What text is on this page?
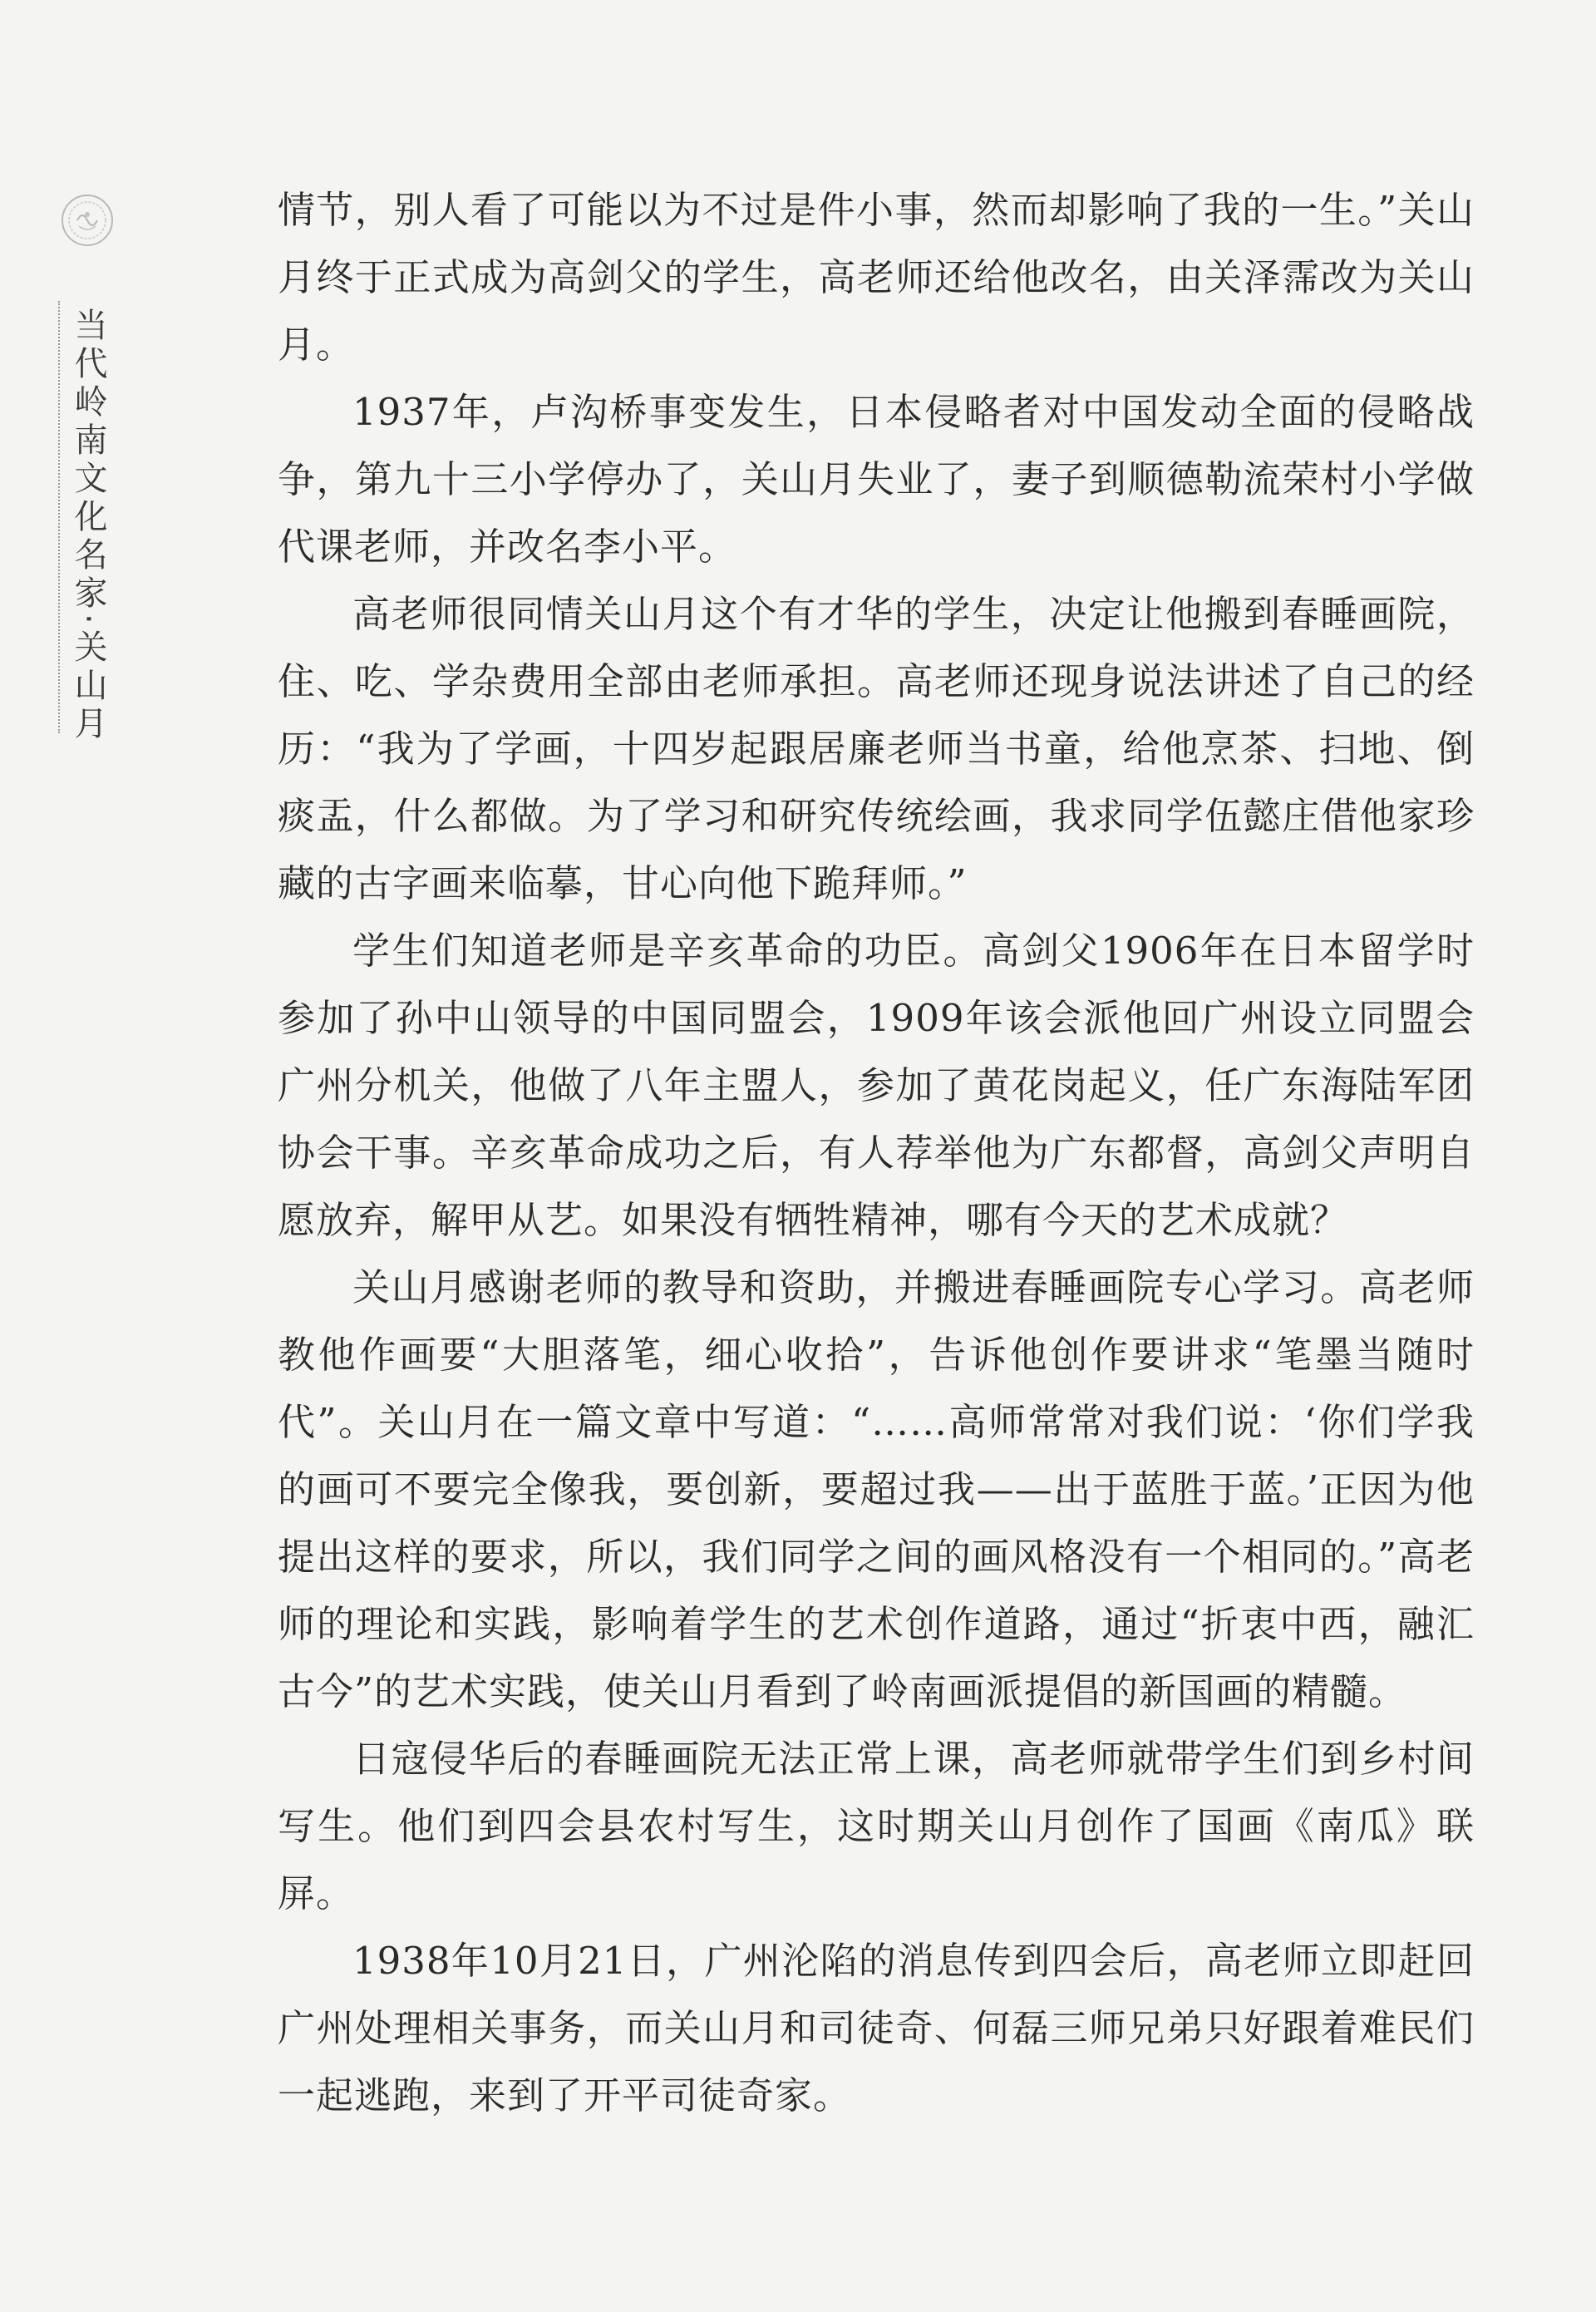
当代岭南文化名家·关山月

情节，别人看了可能以为不过是件小事，然而却影响了我的一生。”关山月终于正式成为高剑父的学生，高老师还给他改名，由关泽霈改为关山月。

1937年，卢沟桥事变发生，日本侵略者对中国发动全面的侵略战争，第九十三小学停办了，关山月失业了，妻子到顺德勒流荣村小学做代课老师，并改名李小平。

高老师很同情关山月这个有才华的学生，决定让他搬到春睡画院，住、吃、学杂费用全部由老师承担。高老师还现身说法讲述了自己的经历：“我为了学画，十四岁起跟居廉老师当书童，给他烹茶、扫地、倒痰盂，什么都做。为了学习和研究传统绘画，我求同学伍懿庄借他家珍藏的古字画来临摹，甘心向他下跪拜师。”

学生们知道老师是辛亥革命的功臣。高剑父1906年在日本留学时参加了孙中山领导的中国同盟会，1909年该会派他回广州设立同盟会广州分机关，他做了八年主盟人，参加了黄花岗起义，任广东海陆军团协会干事。辛亥革命成功之后，有人荐举他为广东都督，高剑父声明自愿放弃，解甲从艺。如果没有牺牲精神，哪有今天的艺术成就？

关山月感谢老师的教导和资助，并搬进春睡画院专心学习。高老师教他作画要“大胆落笔，细心收拾”，告诉他创作要讲求“笔墨当随时代”。关山月在一篇文章中写道：“……高师常常对我们说：‘你们学我的画可不要完全像我，要创新，要超过我——出于蓝胜于蓝。’正因为他提出这样的要求，所以，我们同学之间的画风格没有一个相同的。”高老师的理论和实践，影响着学生的艺术创作道路，通过“折衷中西，融汇古今”的艺术实践，使关山月看到了岭南画派提倡的新国画的精髓。

日寇侵华后的春睡画院无法正常上课，高老师就带学生们到乡村间写生。他们到四会县农村写生，这时期关山月创作了国画《南瓜》联屏。

1938年10月21日，广州沦陷的消息传到四会后，高老师立即赶回广州处理相关事务，而关山月和司徒奇、何磊三师兄弟只好跟着难民们一起逃跑，来到了开平司徒奇家。
